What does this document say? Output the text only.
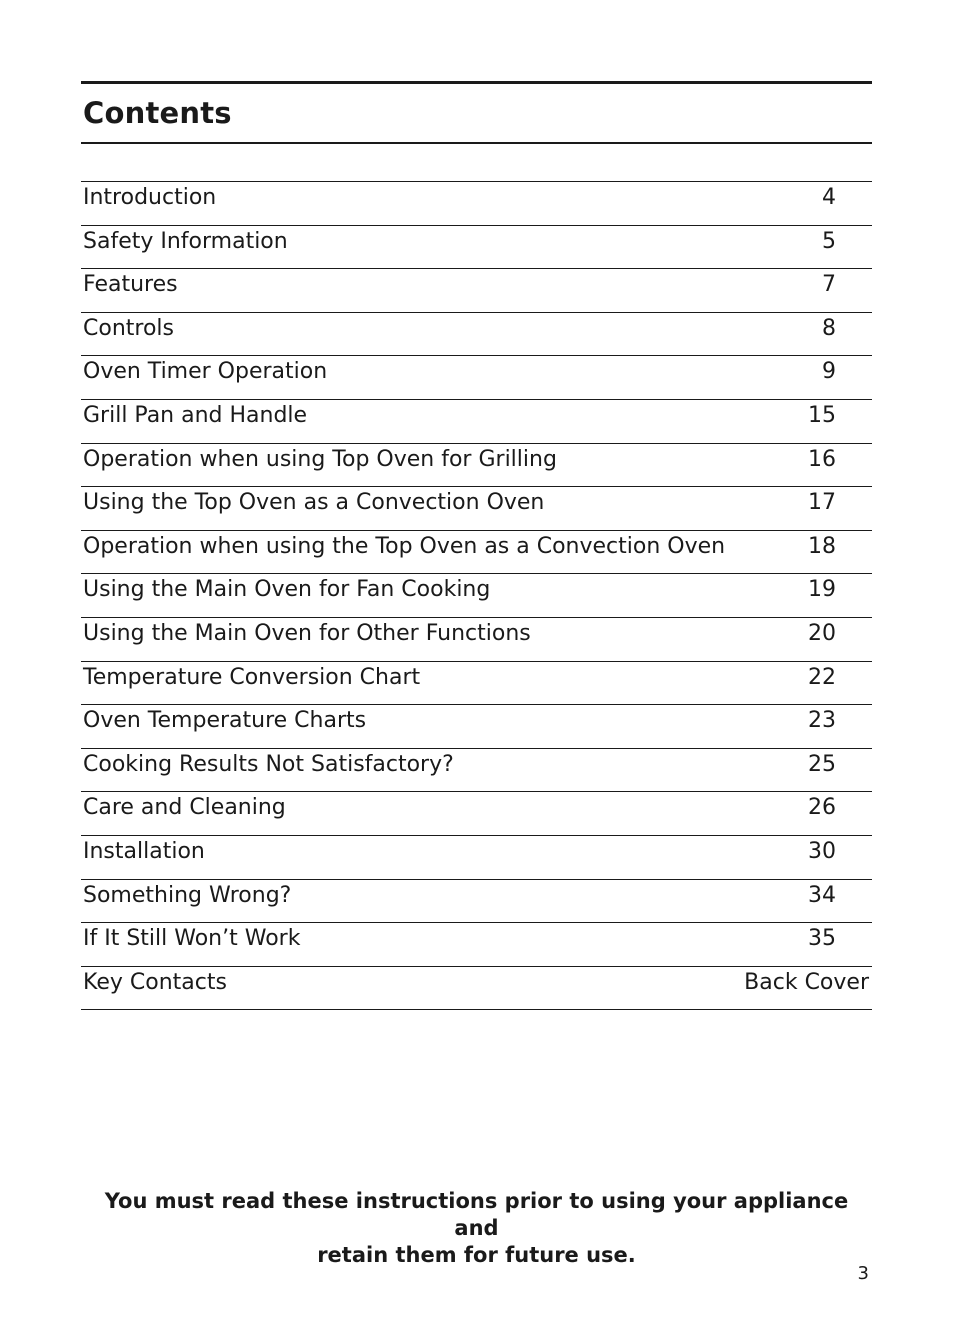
Contents
Introduction	4
Safety Information	5
Features	7
Controls	8
Oven Timer Operation	9
Grill Pan and Handle	15
Operation when using Top Oven for Grilling	16
Using the Top Oven as a Convection Oven	17
Operation when using the Top Oven as a Convection Oven	18
Using the Main Oven for Fan Cooking	19
Using the Main Oven for Other Functions	20
Temperature Conversion Chart	22
Oven Temperature Charts	23
Cooking Results Not Satisfactory?	25
Care and Cleaning	26
Installation	30
Something Wrong?	34
If It Still Won’t Work	35
Key Contacts	Back Cover
You must read these instructions prior to using your appliance and
retain them for future use.
3
